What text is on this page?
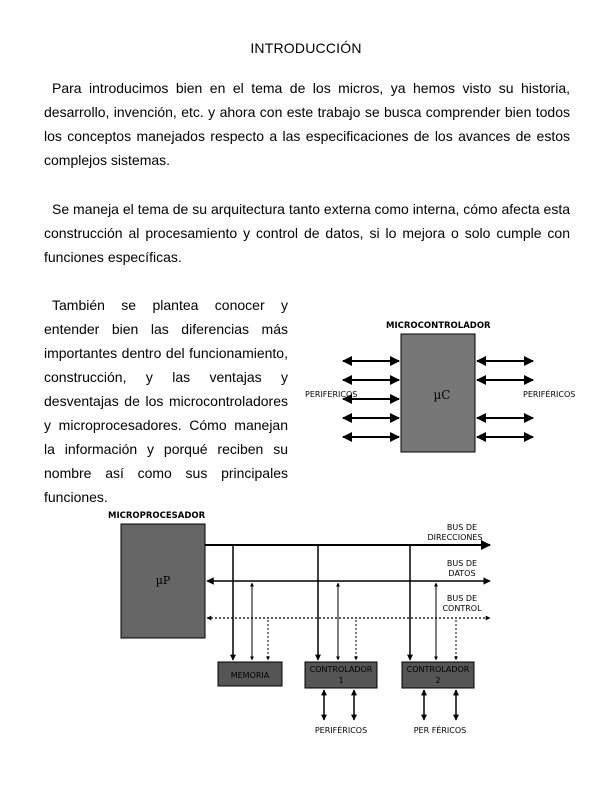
INTRODUCCIÓN

Para introducimos bien en el tema de los micros, ya hemos visto su historia, desarrollo, invención, etc. y ahora con este trabajo se busca comprender bien todos los conceptos manejados respecto a las especificaciones de los avances de estos complejos sistemas.

Se maneja el tema de su arquitectura tanto externa como interna, cómo afecta esta construcción al procesamiento y control de datos, si lo mejora o solo cumple con funciones específicas.

También se plantea conocer y entender bien las diferencias más importantes dentro del funcionamiento, construcción, y las ventajas y desventajas de los microcontroladores y microprocesadores. Cómo manejan la información y porqué reciben su nombre así como sus principales funciones.

MICROCONTROLADOR
µC
PERIFERICOS	PERIFÉRICOS
MICROPROCESADOR
µP
BUS DE
DIRECCIONES
BUS DE
DATOS
BUS DE
CONTROL
MEMORIA
CONTROLADOR
1
CONTROLADOR
2
PERIFÉRICOS	PER FÉRICOS
